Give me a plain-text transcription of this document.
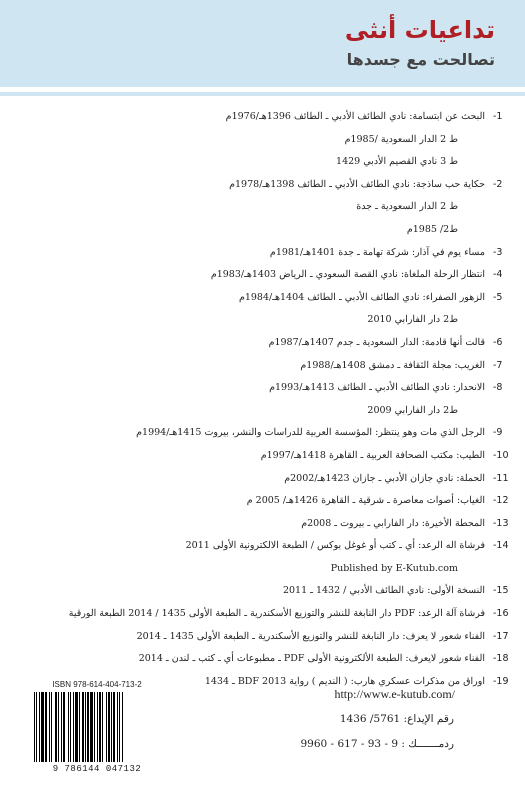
تداعيات أنثى
تصالحت مع جسدها
-1
البحث عن ابتسامة: نادي الطائف الأدبي ـ الطائف 1396هـ/1976م
ط 2 الدار السعودية /1985م
ط 3 نادي القصيم الأدبي 1429
-2
حكاية حب ساذجة: نادي الطائف الأدبي ـ الطائف 1398هـ/1978م
ط 2 الدار السعودية ـ جدة
ط2/ 1985م
-3
مساء يوم في آذار: شركة تهامة ـ جدة 1401هـ/1981م
-4
انتظار الرحلة الملغاة: نادي القصة السعودي ـ الرياض 1403هـ/1983م
-5
الزهور الصفراء: نادي الطائف الأدبي ـ الطائف 1404هـ/1984م
ط2 دار الفارابي 2010
-6
قالت أنها قادمة: الدار السعودية ـ جدم 1407هـ/1987م
-7
الغريب: مجلة الثقافة ـ دمشق 1408هـ/1988م
-8
الانحدار: نادي الطائف الأدبي ـ الطائف 1413هـ/1993م
ط2 دار الفارابي 2009
-9
الرجل الذي مات وهو ينتظر: المؤسسة العربية للدراسات والنشر، بيروت 1415هـ/1994م
-10
الطيب: مكتب الصحافة العربية ـ القاهرة 1418هـ/1997م
-11
الحملة: نادي جازان الأدبي ـ جازان 1423هـ/2002م
-12
الغياب: أصوات معاصرة ـ شرقية ـ القاهرة 1426هـ/ 2005 م
-13
المحطة الأخيرة: دار الفارابي ـ بيروت ـ 2008م
-14
فرشاة اله الرعد: أي ـ كتب أو غوغل بوكس / الطبعة الالكترونية الأولى 2011
Published by E-Kutub.com
-15
النسخة الأولى: نادي الطائف الأدبي / 1432 ـ 2011
-16
فرشاة آلة الرعد: PDF دار النابغة للنشر والتوزيع الأسكندرية ـ الطبعة الأولى 1435 / 2014 الطبعة الورقية
-17
الفناء شعور لا يعرف: دار النابغة للنشر والتوزيع الأسكندرية ـ الطبعة الأولى 1435 ـ 2014
-18
الفناء شعور لايعرف: الطبعة الألكترونية الأولى PDF ـ مطبوعات أي ـ كتب ـ لندن ـ 2014
-19
اوراق من مذكرات عسكري هارب: ( النديم ) رواية BDF 2013 ـ 1434
ISBN 978-614-404-713-2
9 786144 047132
http://www.e-kutub.com/
رقم الإيداع: 5761/ 1436
ردمـــــــك : 9 - 93 - 617 - 9960
